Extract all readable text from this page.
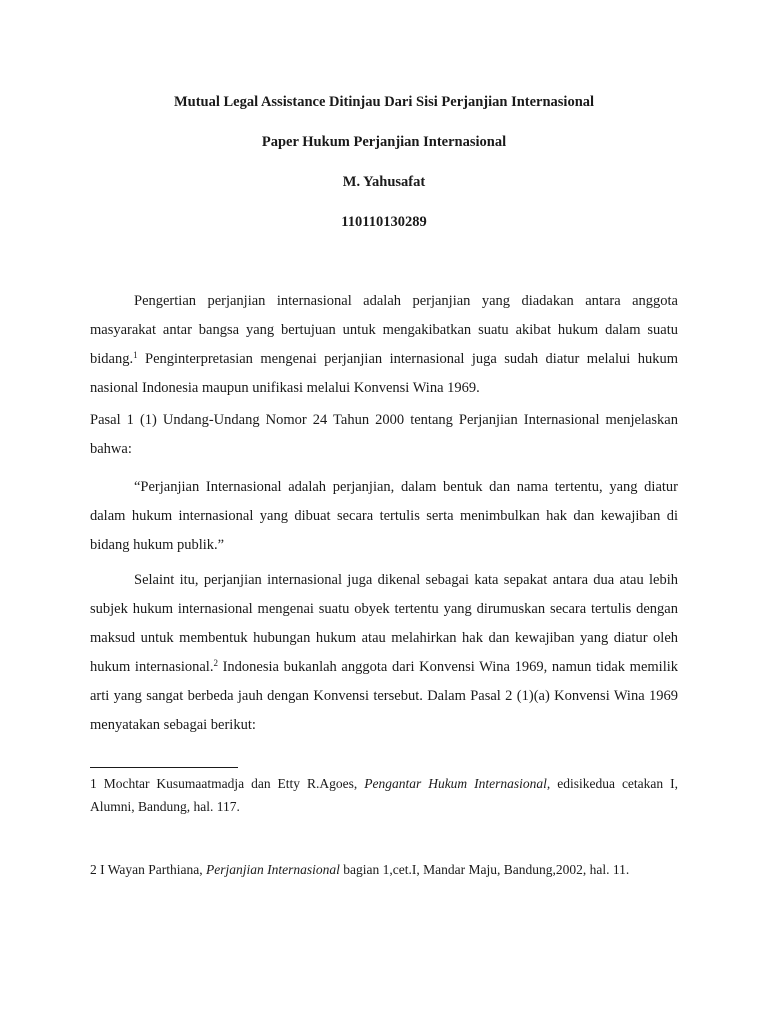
Mutual Legal Assistance Ditinjau Dari Sisi Perjanjian Internasional

Paper Hukum Perjanjian Internasional

M. Yahusafat

110110130289

Pengertian perjanjian internasional adalah perjanjian yang diadakan antara anggota masyarakat antar bangsa yang bertujuan untuk mengakibatkan suatu akibat hukum dalam suatu bidang.$^1$ Penginterpretasian mengenai perjanjian internasional juga sudah diatur melalui hukum nasional Indonesia maupun unifikasi melalui Konvensi Wina 1969.

Pasal 1 (1) Undang-Undang Nomor 24 Tahun 2000 tentang Perjanjian Internasional menjelaskan bahwa:

“Perjanjian Internasional adalah perjanjian, dalam bentuk dan nama tertentu, yang diatur dalam hukum internasional yang dibuat secara tertulis serta menimbulkan hak dan kewajiban di bidang hukum publik.”

Selaint itu, perjanjian internasional juga dikenal sebagai kata sepakat antara dua atau lebih subjek hukum internasional mengenai suatu obyek tertentu yang dirumuskan secara tertulis dengan maksud untuk membentuk hubungan hukum atau melahirkan hak dan kewajiban yang diatur oleh hukum internasional.$^2$ Indonesia bukanlah anggota dari Konvensi Wina 1969, namun tidak memilik arti yang sangat berbeda jauh dengan Konvensi tersebut. Dalam Pasal 2 (1)(a) Konvensi Wina 1969 menyatakan sebagai berikut:

1 Mochtar Kusumaatmadja dan Etty R.Agoes, Pengantar Hukum Internasional, edisikedua cetakan I, Alumni, Bandung, hal. 117.

2 I Wayan Parthiana, Perjanjian Internasional bagian 1,cet.I, Mandar Maju, Bandung,2002, hal. 11.
